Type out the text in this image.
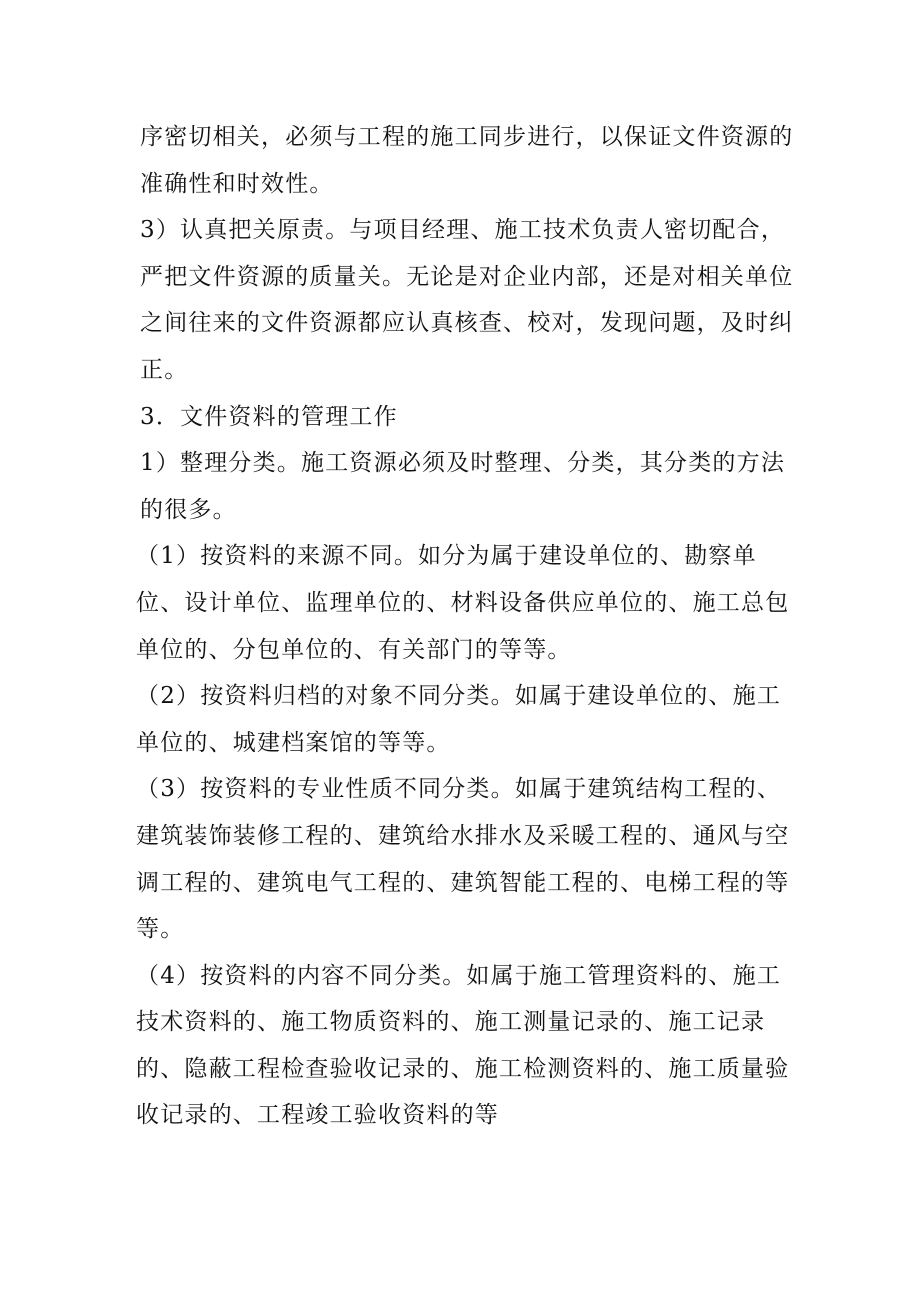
序密切相关，必须与工程的施工同步进行，以保证文件资源的准确性和时效性。

3）认真把关原责。与项目经理、施工技术负责人密切配合，严把文件资源的质量关。无论是对企业内部，还是对相关单位之间往来的文件资源都应认真核查、校对，发现问题，及时纠正。

3．文件资料的管理工作

1）整理分类。施工资源必须及时整理、分类，其分类的方法的很多。

（1）按资料的来源不同。如分为属于建设单位的、勘察单位、设计单位、监理单位的、材料设备供应单位的、施工总包单位的、分包单位的、有关部门的等等。

（2）按资料归档的对象不同分类。如属于建设单位的、施工单位的、城建档案馆的等等。

（3）按资料的专业性质不同分类。如属于建筑结构工程的、建筑装饰装修工程的、建筑给水排水及采暖工程的、通风与空调工程的、建筑电气工程的、建筑智能工程的、电梯工程的等等。

（4）按资料的内容不同分类。如属于施工管理资料的、施工技术资料的、施工物质资料的、施工测量记录的、施工记录的、隐蔽工程检查验收记录的、施工检测资料的、施工质量验收记录的、工程竣工验收资料的等
